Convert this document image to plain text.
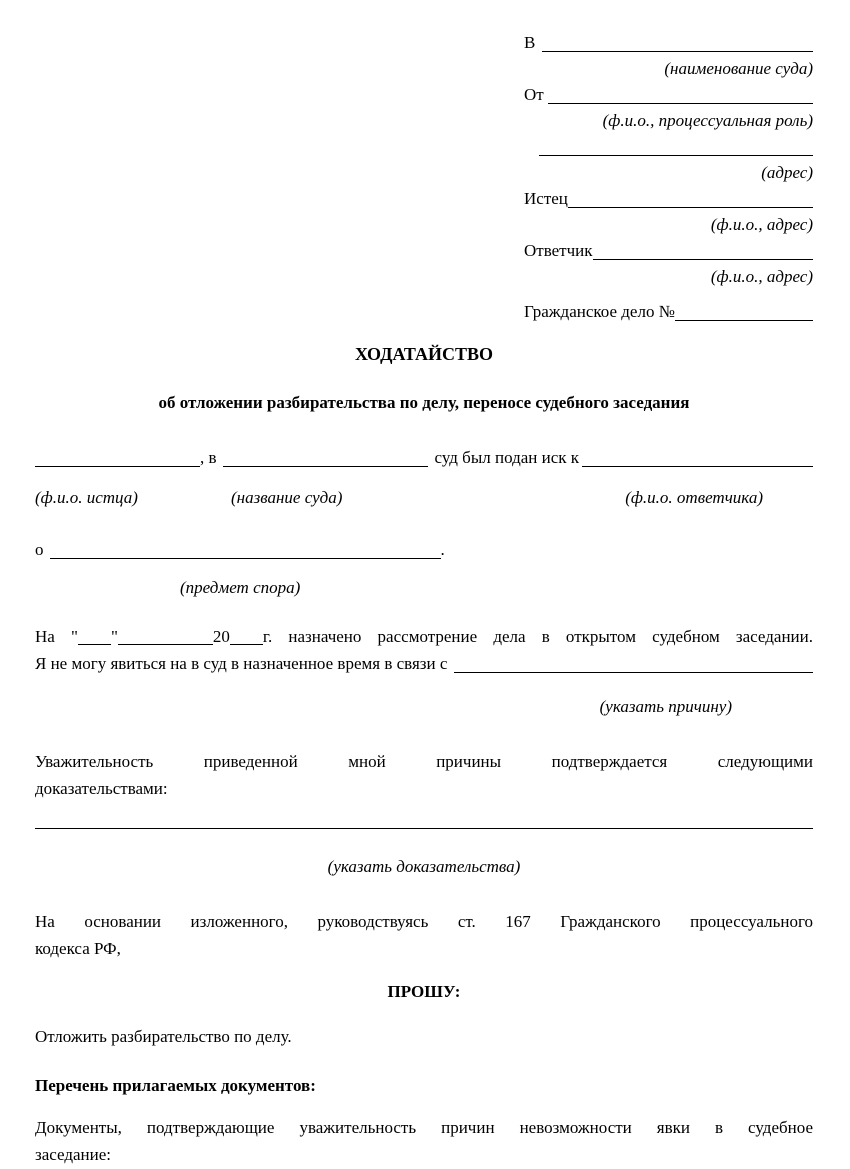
В
(наименование суда)
От
(ф.и.о., процессуальная роль)
(адрес)
Истец
(ф.и.о., адрес)
Ответчик
(ф.и.о., адрес)
Гражданское дело №
ХОДАТАЙСТВО
об отложении разбирательства по делу, переносе судебного заседания
, в	суд был подан иск к
(ф.и.о. истца)	(название суда)	(ф.и.о. ответчика)
о	.
(предмет спора)
На " "	20 г. назначено рассмотрение дела в открытом судебном заседании.
Я не могу явиться на в суд в назначенное время в связи с
(указать причину)
Уважительность приведенной мной причины подтверждается следующими
доказательствами:
(указать доказательства)
На основании изложенного, руководствуясь ст. 167 Гражданского процессуального
кодекса РФ,
ПРОШУ:
Отложить разбирательство по делу.
Перечень прилагаемых документов:
Документы, подтверждающие уважительность причин невозможности явки в судебное
заседание:
